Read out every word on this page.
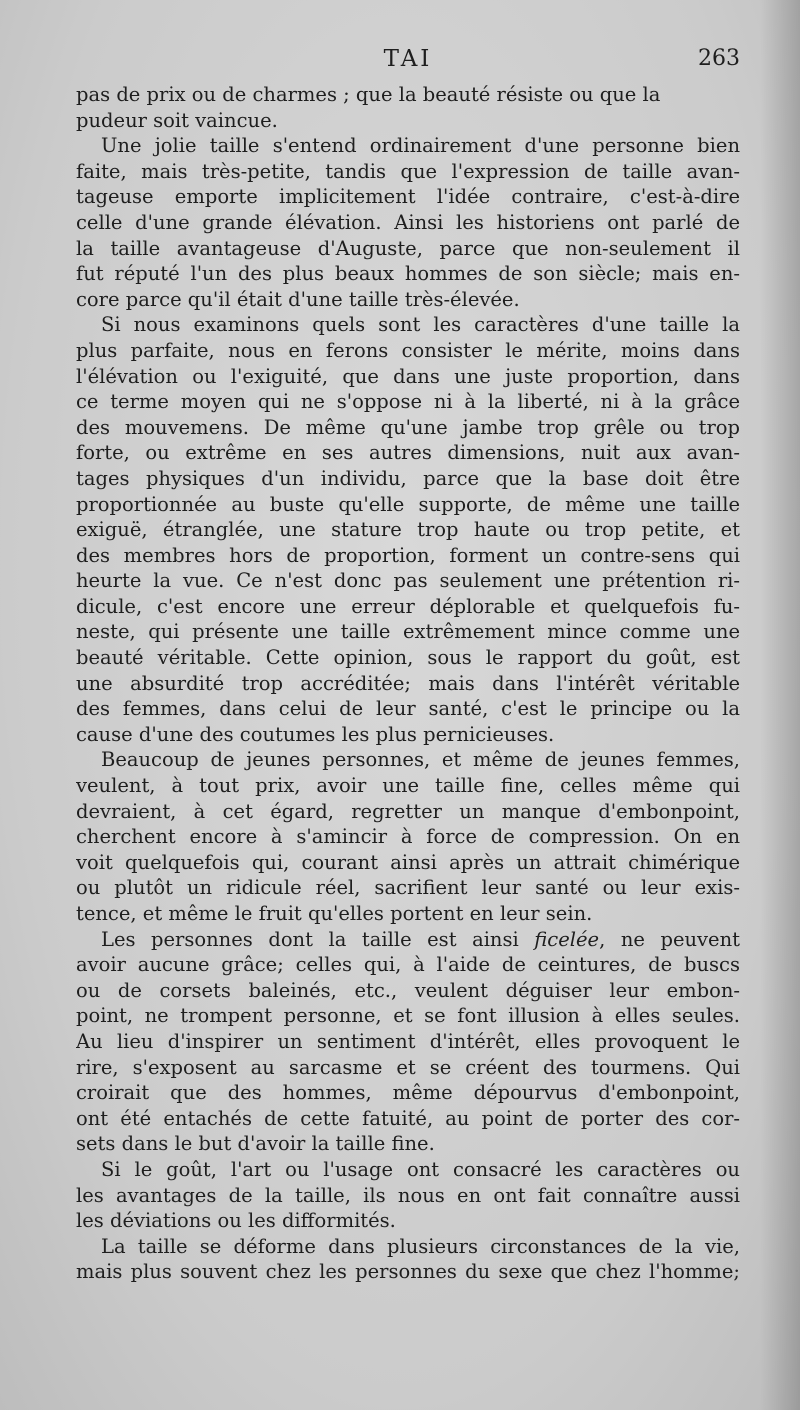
TAI	263
pas de prix ou de charmes ; que la beauté résiste ou que la
pudeur soit vaincue.
Une jolie taille s'entend ordinairement d'une personne bien
faite, mais très-petite, tandis que l'expression de taille avan-
tageuse emporte implicitement l'idée contraire, c'est-à-dire
celle d'une grande élévation. Ainsi les historiens ont parlé de
la taille avantageuse d'Auguste, parce que non-seulement il
fut réputé l'un des plus beaux hommes de son siècle; mais en-
core parce qu'il était d'une taille très-élevée.
Si nous examinons quels sont les caractères d'une taille la
plus parfaite, nous en ferons consister le mérite, moins dans
l'élévation ou l'exiguité, que dans une juste proportion, dans
ce terme moyen qui ne s'oppose ni à la liberté, ni à la grâce
des mouvemens. De même qu'une jambe trop grêle ou trop
forte, ou extrême en ses autres dimensions, nuit aux avan-
tages physiques d'un individu, parce que la base doit être
proportionnée au buste qu'elle supporte, de même une taille
exiguë, étranglée, une stature trop haute ou trop petite, et
des membres hors de proportion, forment un contre-sens qui
heurte la vue. Ce n'est donc pas seulement une prétention ri-
dicule, c'est encore une erreur déplorable et quelquefois fu-
neste, qui présente une taille extrêmement mince comme une
beauté véritable. Cette opinion, sous le rapport du goût, est
une absurdité trop accréditée; mais dans l'intérêt véritable
des femmes, dans celui de leur santé, c'est le principe ou la
cause d'une des coutumes les plus pernicieuses.
Beaucoup de jeunes personnes, et même de jeunes femmes,
veulent, à tout prix, avoir une taille fine, celles même qui
devraient, à cet égard, regretter un manque d'embonpoint,
cherchent encore à s'amincir à force de compression. On en
voit quelquefois qui, courant ainsi après un attrait chimérique
ou plutôt un ridicule réel, sacrifient leur santé ou leur exis-
tence, et même le fruit qu'elles portent en leur sein.
Les personnes dont la taille est ainsi ficelée, ne peuvent
avoir aucune grâce; celles qui, à l'aide de ceintures, de buscs
ou de corsets baleinés, etc., veulent déguiser leur embon-
point, ne trompent personne, et se font illusion à elles seules.
Au lieu d'inspirer un sentiment d'intérêt, elles provoquent le
rire, s'exposent au sarcasme et se créent des tourmens. Qui
croirait que des hommes, même dépourvus d'embonpoint,
ont été entachés de cette fatuité, au point de porter des cor-
sets dans le but d'avoir la taille fine.
Si le goût, l'art ou l'usage ont consacré les caractères ou
les avantages de la taille, ils nous en ont fait connaître aussi
les déviations ou les difformités.
La taille se déforme dans plusieurs circonstances de la vie,
mais plus souvent chez les personnes du sexe que chez l'homme;
